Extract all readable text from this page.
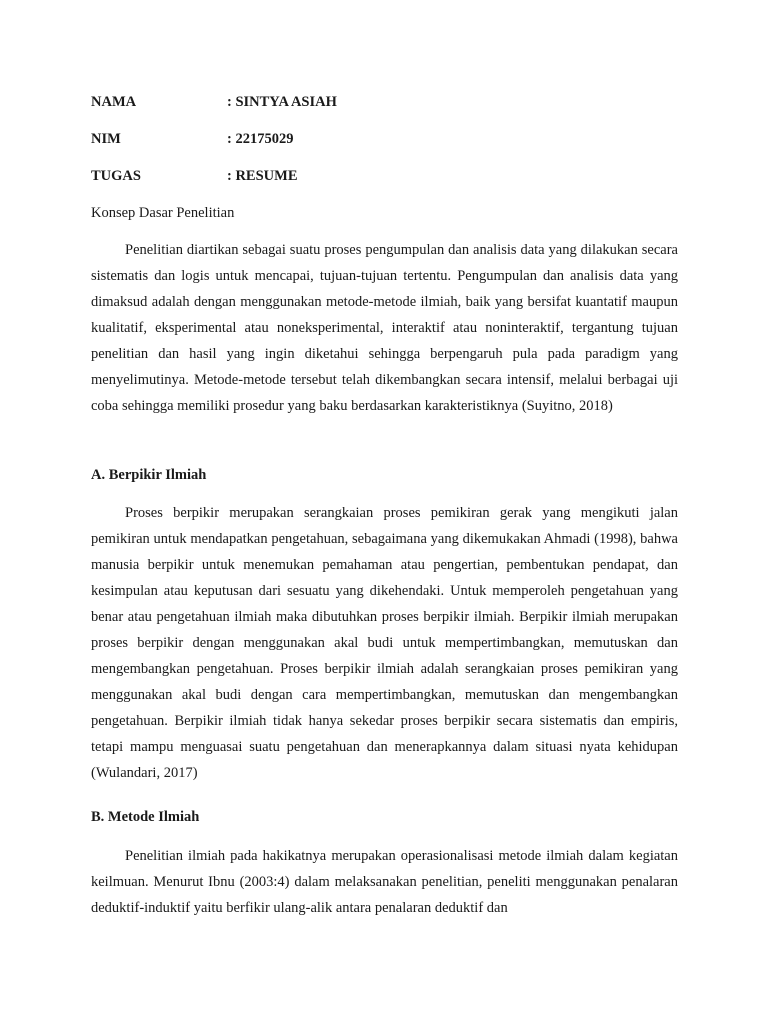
NAMA	: SINTYA ASIAH
NIM	: 22175029
TUGAS	: RESUME
Konsep Dasar Penelitian

Penelitian diartikan sebagai suatu proses pengumpulan dan analisis data yang dilakukan secara sistematis dan logis untuk mencapai, tujuan-tujuan tertentu. Pengumpulan dan analisis data yang dimaksud adalah dengan menggunakan metode-metode ilmiah, baik yang bersifat kuantatif maupun kualitatif, eksperimental atau noneksperimental, interaktif atau noninteraktif, tergantung tujuan penelitian dan hasil yang ingin diketahui sehingga berpengaruh pula pada paradigm yang menyelimutinya. Metode-metode tersebut telah dikembangkan secara intensif, melalui berbagai uji coba sehingga memiliki prosedur yang baku berdasarkan karakteristiknya (Suyitno, 2018)

A. Berpikir Ilmiah

Proses berpikir merupakan serangkaian proses pemikiran gerak yang mengikuti jalan pemikiran untuk mendapatkan pengetahuan, sebagaimana yang dikemukakan Ahmadi (1998), bahwa manusia berpikir untuk menemukan pemahaman atau pengertian, pembentukan pendapat, dan kesimpulan atau keputusan dari sesuatu yang dikehendaki. Untuk memperoleh pengetahuan yang benar atau pengetahuan ilmiah maka dibutuhkan proses berpikir ilmiah. Berpikir ilmiah merupakan proses berpikir dengan menggunakan akal budi untuk mempertimbangkan, memutuskan dan mengembangkan pengetahuan. Proses berpikir ilmiah adalah serangkaian proses pemikiran yang menggunakan akal budi dengan cara mempertimbangkan, memutuskan dan mengembangkan pengetahuan. Berpikir ilmiah tidak hanya sekedar proses berpikir secara sistematis dan empiris, tetapi mampu menguasai suatu pengetahuan dan menerapkannya dalam situasi nyata kehidupan (Wulandari, 2017)

B. Metode Ilmiah

Penelitian ilmiah pada hakikatnya merupakan operasionalisasi metode ilmiah dalam kegiatan keilmuan. Menurut Ibnu (2003:4) dalam melaksanakan penelitian, peneliti menggunakan penalaran deduktif-induktif yaitu berfikir ulang-alik antara penalaran deduktif dan
